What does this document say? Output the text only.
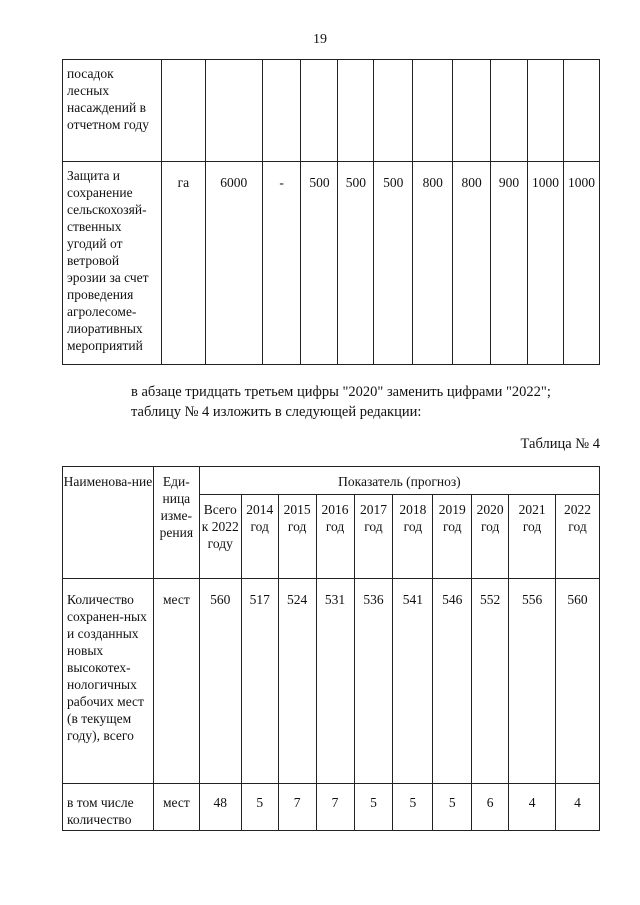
19
посадок лесных насаждений в отчетном году											
Защита и сохранение сельскохозяй-ственных угодий от ветровой эрозии за счет проведения агролесоме-лиоративных мероприятий	га	6000	-	500	500	500	800	800	900	1000	1000
в абзаце тридцать третьем цифры "2020" заменить цифрами "2022";
таблицу № 4 изложить в следующей редакции:
Таблица № 4
Наименова-ние	Еди-ница изме-рения	Показатель (прогноз)									
		Всего к 2022 году	2014 год	2015 год	2016 год	2017 год	2018 год	2019 год	2020 год	2021 год	2022 год
Количество сохранен-ных и созданных новых высокотех-нологичных рабочих мест (в текущем году), всего	мест	560	517	524	531	536	541	546	552	556	560
в том числе количество	мест	48	5	7	7	5	5	5	6	4	4
